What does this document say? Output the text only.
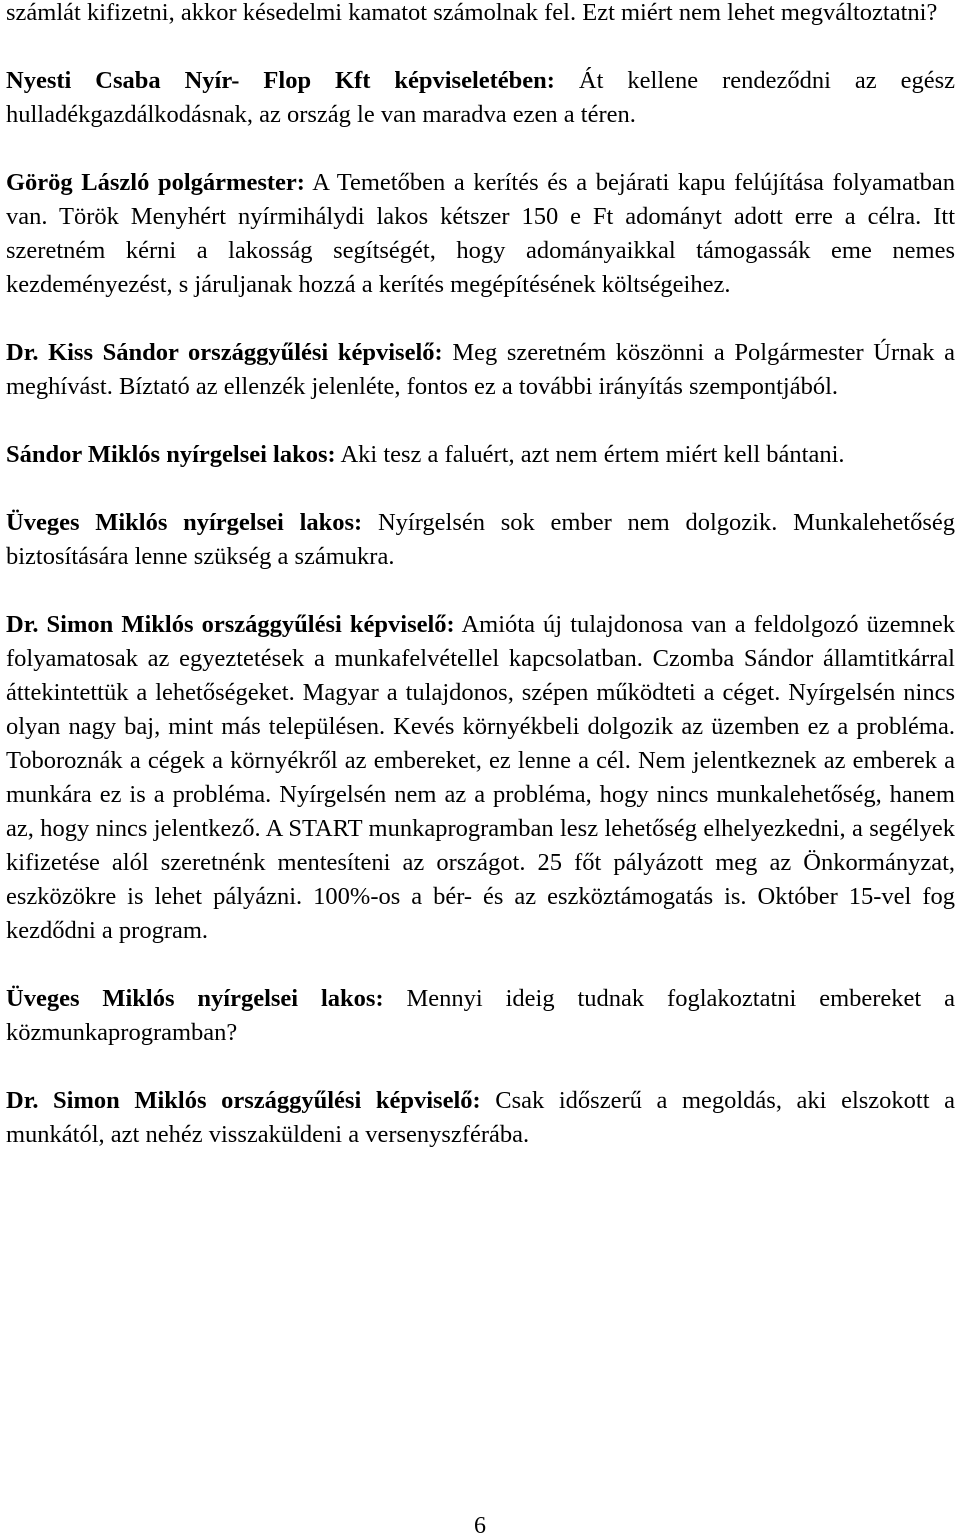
számlát kifizetni, akkor késedelmi kamatot számolnak fel. Ezt miért nem lehet megváltoztatni?

Nyesti Csaba Nyír- Flop Kft képviseletében: Át kellene rendeződni az egész hulladékgazdálkodásnak, az ország le van maradva ezen a téren.

Görög László polgármester: A Temetőben a kerítés és a bejárati kapu felújítása folyamatban van. Török Menyhért nyírmihálydi lakos kétszer 150 e Ft adományt adott erre a célra. Itt szeretném kérni a lakosság segítségét, hogy adományaikkal támogassák eme nemes kezdeményezést, s járuljanak hozzá a kerítés megépítésének költségeihez.

Dr. Kiss Sándor országgyűlési képviselő: Meg szeretném köszönni a Polgármester Úrnak a meghívást. Bíztató az ellenzék jelenléte, fontos ez a további irányítás szempontjából.

Sándor Miklós nyírgelsei lakos: Aki tesz a faluért, azt nem értem miért kell bántani.

Üveges Miklós nyírgelsei lakos: Nyírgelsén sok ember nem dolgozik. Munkalehetőség biztosítására lenne szükség a számukra.

Dr. Simon Miklós országgyűlési képviselő: Amióta új tulajdonosa van a feldolgozó üzemnek folyamatosak az egyeztetések a munkafelvétellel kapcsolatban. Czomba Sándor államtitkárral áttekintettük a lehetőségeket. Magyar a tulajdonos, szépen működteti a céget. Nyírgelsén nincs olyan nagy baj, mint más településen. Kevés környékbeli dolgozik az üzemben ez a probléma. Toboroznák a cégek a környékről az embereket, ez lenne a cél. Nem jelentkeznek az emberek a munkára ez is a probléma. Nyírgelsén nem az a probléma, hogy nincs munkalehetőség, hanem az, hogy nincs jelentkező. A START munkaprogramban lesz lehetőség elhelyezkedni, a segélyek kifizetése alól szeretnénk mentesíteni az országot. 25 főt pályázott meg az Önkormányzat, eszközökre is lehet pályázni. 100%-os a bér- és az eszköztámogatás is. Október 15-vel fog kezdődni a program.

Üveges Miklós nyírgelsei lakos: Mennyi ideig tudnak foglakoztatni embereket a közmunkaprogramban?

Dr. Simon Miklós országgyűlési képviselő: Csak időszerű a megoldás, aki elszokott a munkától, azt nehéz visszaküldeni a versenyszférába.

6
